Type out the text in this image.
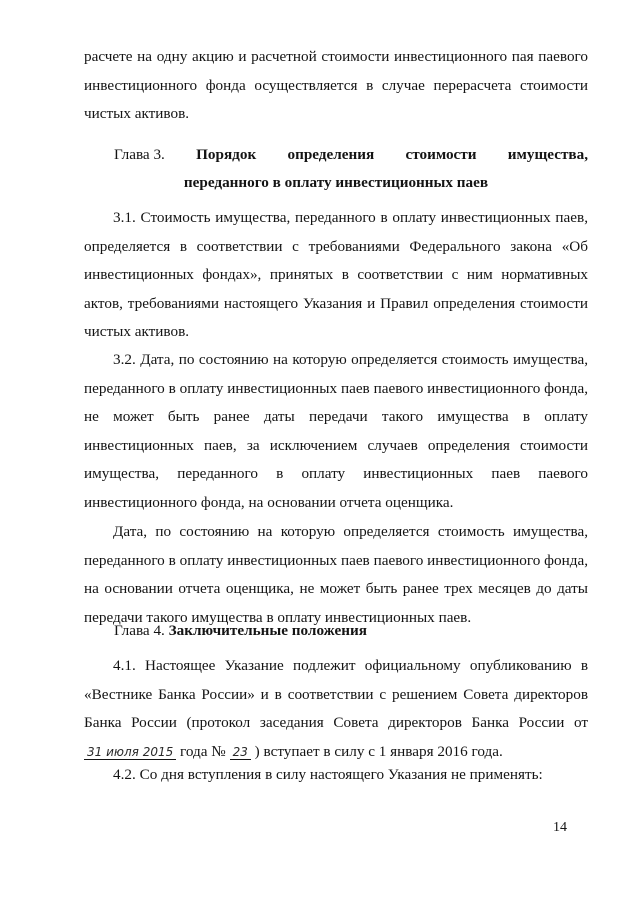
расчете на одну акцию и расчетной стоимости инвестиционного пая паевого
инвестиционного фонда осуществляется в случае перерасчета стоимости
чистых активов.
Глава 3. Порядок определения стоимости имущества,
переданного в оплату инвестиционных паев
3.1. Стоимость имущества, переданного в оплату инвестиционных паев,
определяется в соответствии с требованиями Федерального закона «Об
инвестиционных фондах», принятых в соответствии с ним нормативных
актов, требованиями настоящего Указания и Правил определения стоимости
чистых активов.
3.2. Дата, по состоянию на которую определяется стоимость имущества,
переданного в оплату инвестиционных паев паевого инвестиционного фонда,
не может быть ранее даты передачи такого имущества в оплату
инвестиционных паев, за исключением случаев определения стоимости
имущества, переданного в оплату инвестиционных паев паевого
инвестиционного фонда, на основании отчета оценщика.
Дата, по состоянию на которую определяется стоимость имущества,
переданного в оплату инвестиционных паев паевого инвестиционного фонда,
на основании отчета оценщика, не может быть ранее трех месяцев до даты
передачи такого имущества в оплату инвестиционных паев.
Глава 4. Заключительные положения
4.1. Настоящее Указание подлежит официальному опубликованию в
«Вестнике Банка России» и в соответствии с решением Совета директоров
Банка России (протокол заседания Совета директоров Банка России от
31 июля 2015 года № 23 ) вступает в силу с 1 января 2016 года.
4.2. Со дня вступления в силу настоящего Указания не применять:
14
